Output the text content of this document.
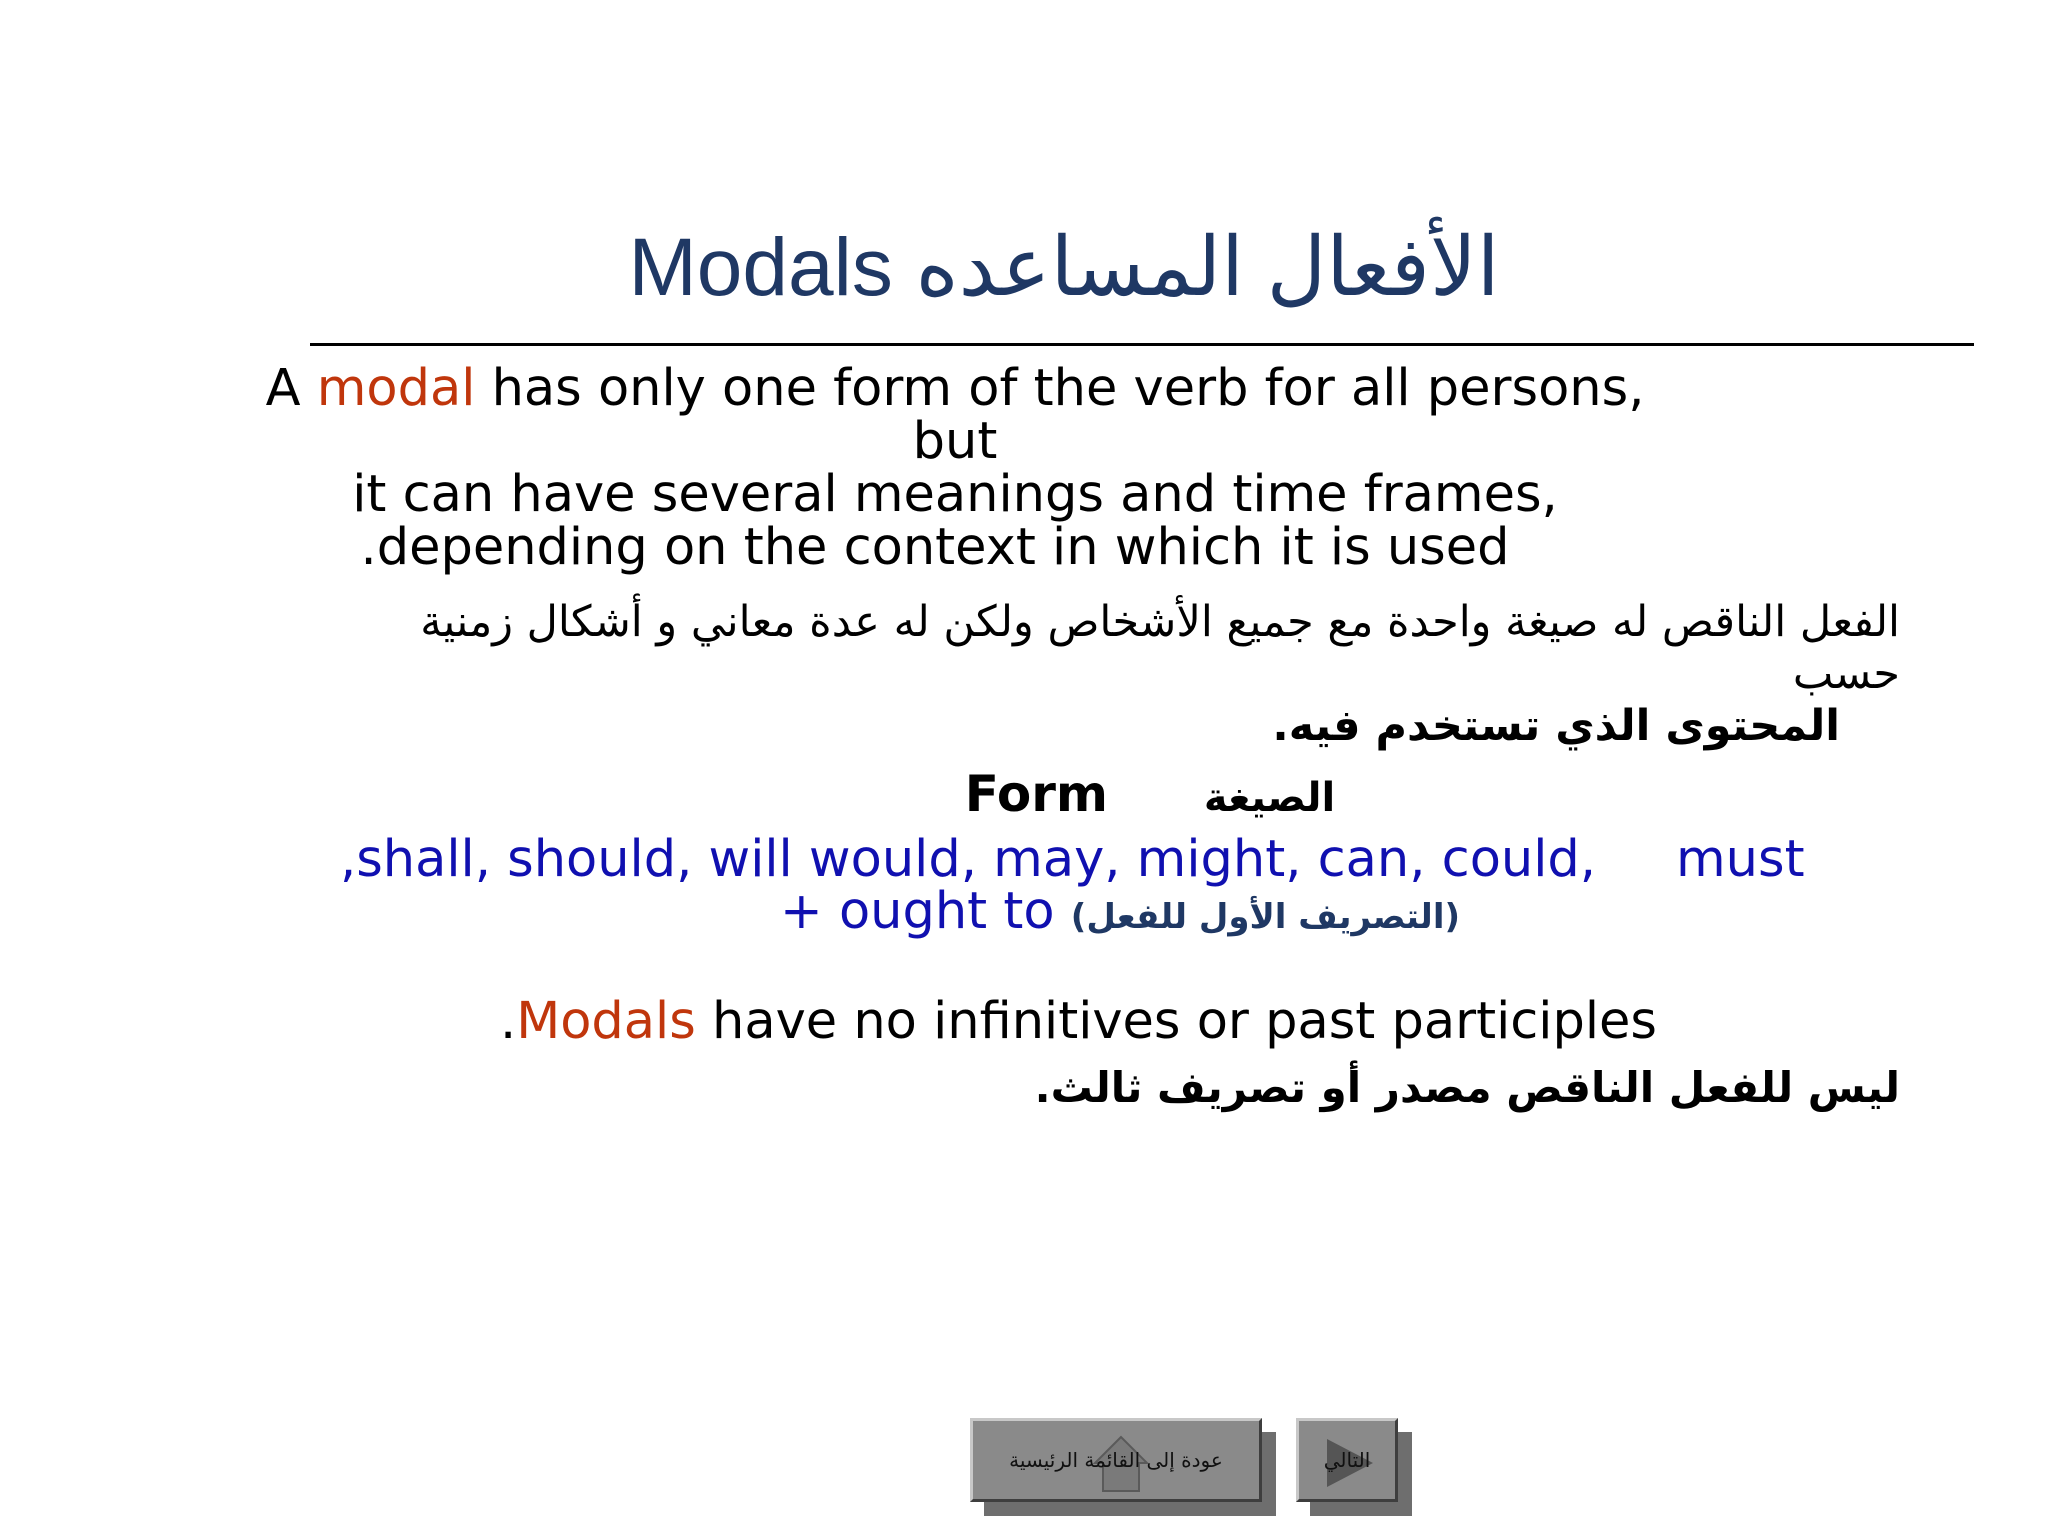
Modals الأفعال المساعده
A modal has only one form of the verb for all persons, but
it can have several meanings and time frames,
.depending on the context in which it is used
الفعل الناقص له صيغة واحدة مع جميع الأشخاص ولكن له عدة معاني و أشكال زمنية حسب
المحتوى الذي تستخدم فيه.
Form الصيغة
,shall, should, will would, may, might, can, could, must
+ ought to (التصريف الأول للفعل)
.Modals have no infinitives or past participles
ليس للفعل الناقص مصدر أو تصريف ثالث.
عودة إلى القائمة الرئيسية	التالي
